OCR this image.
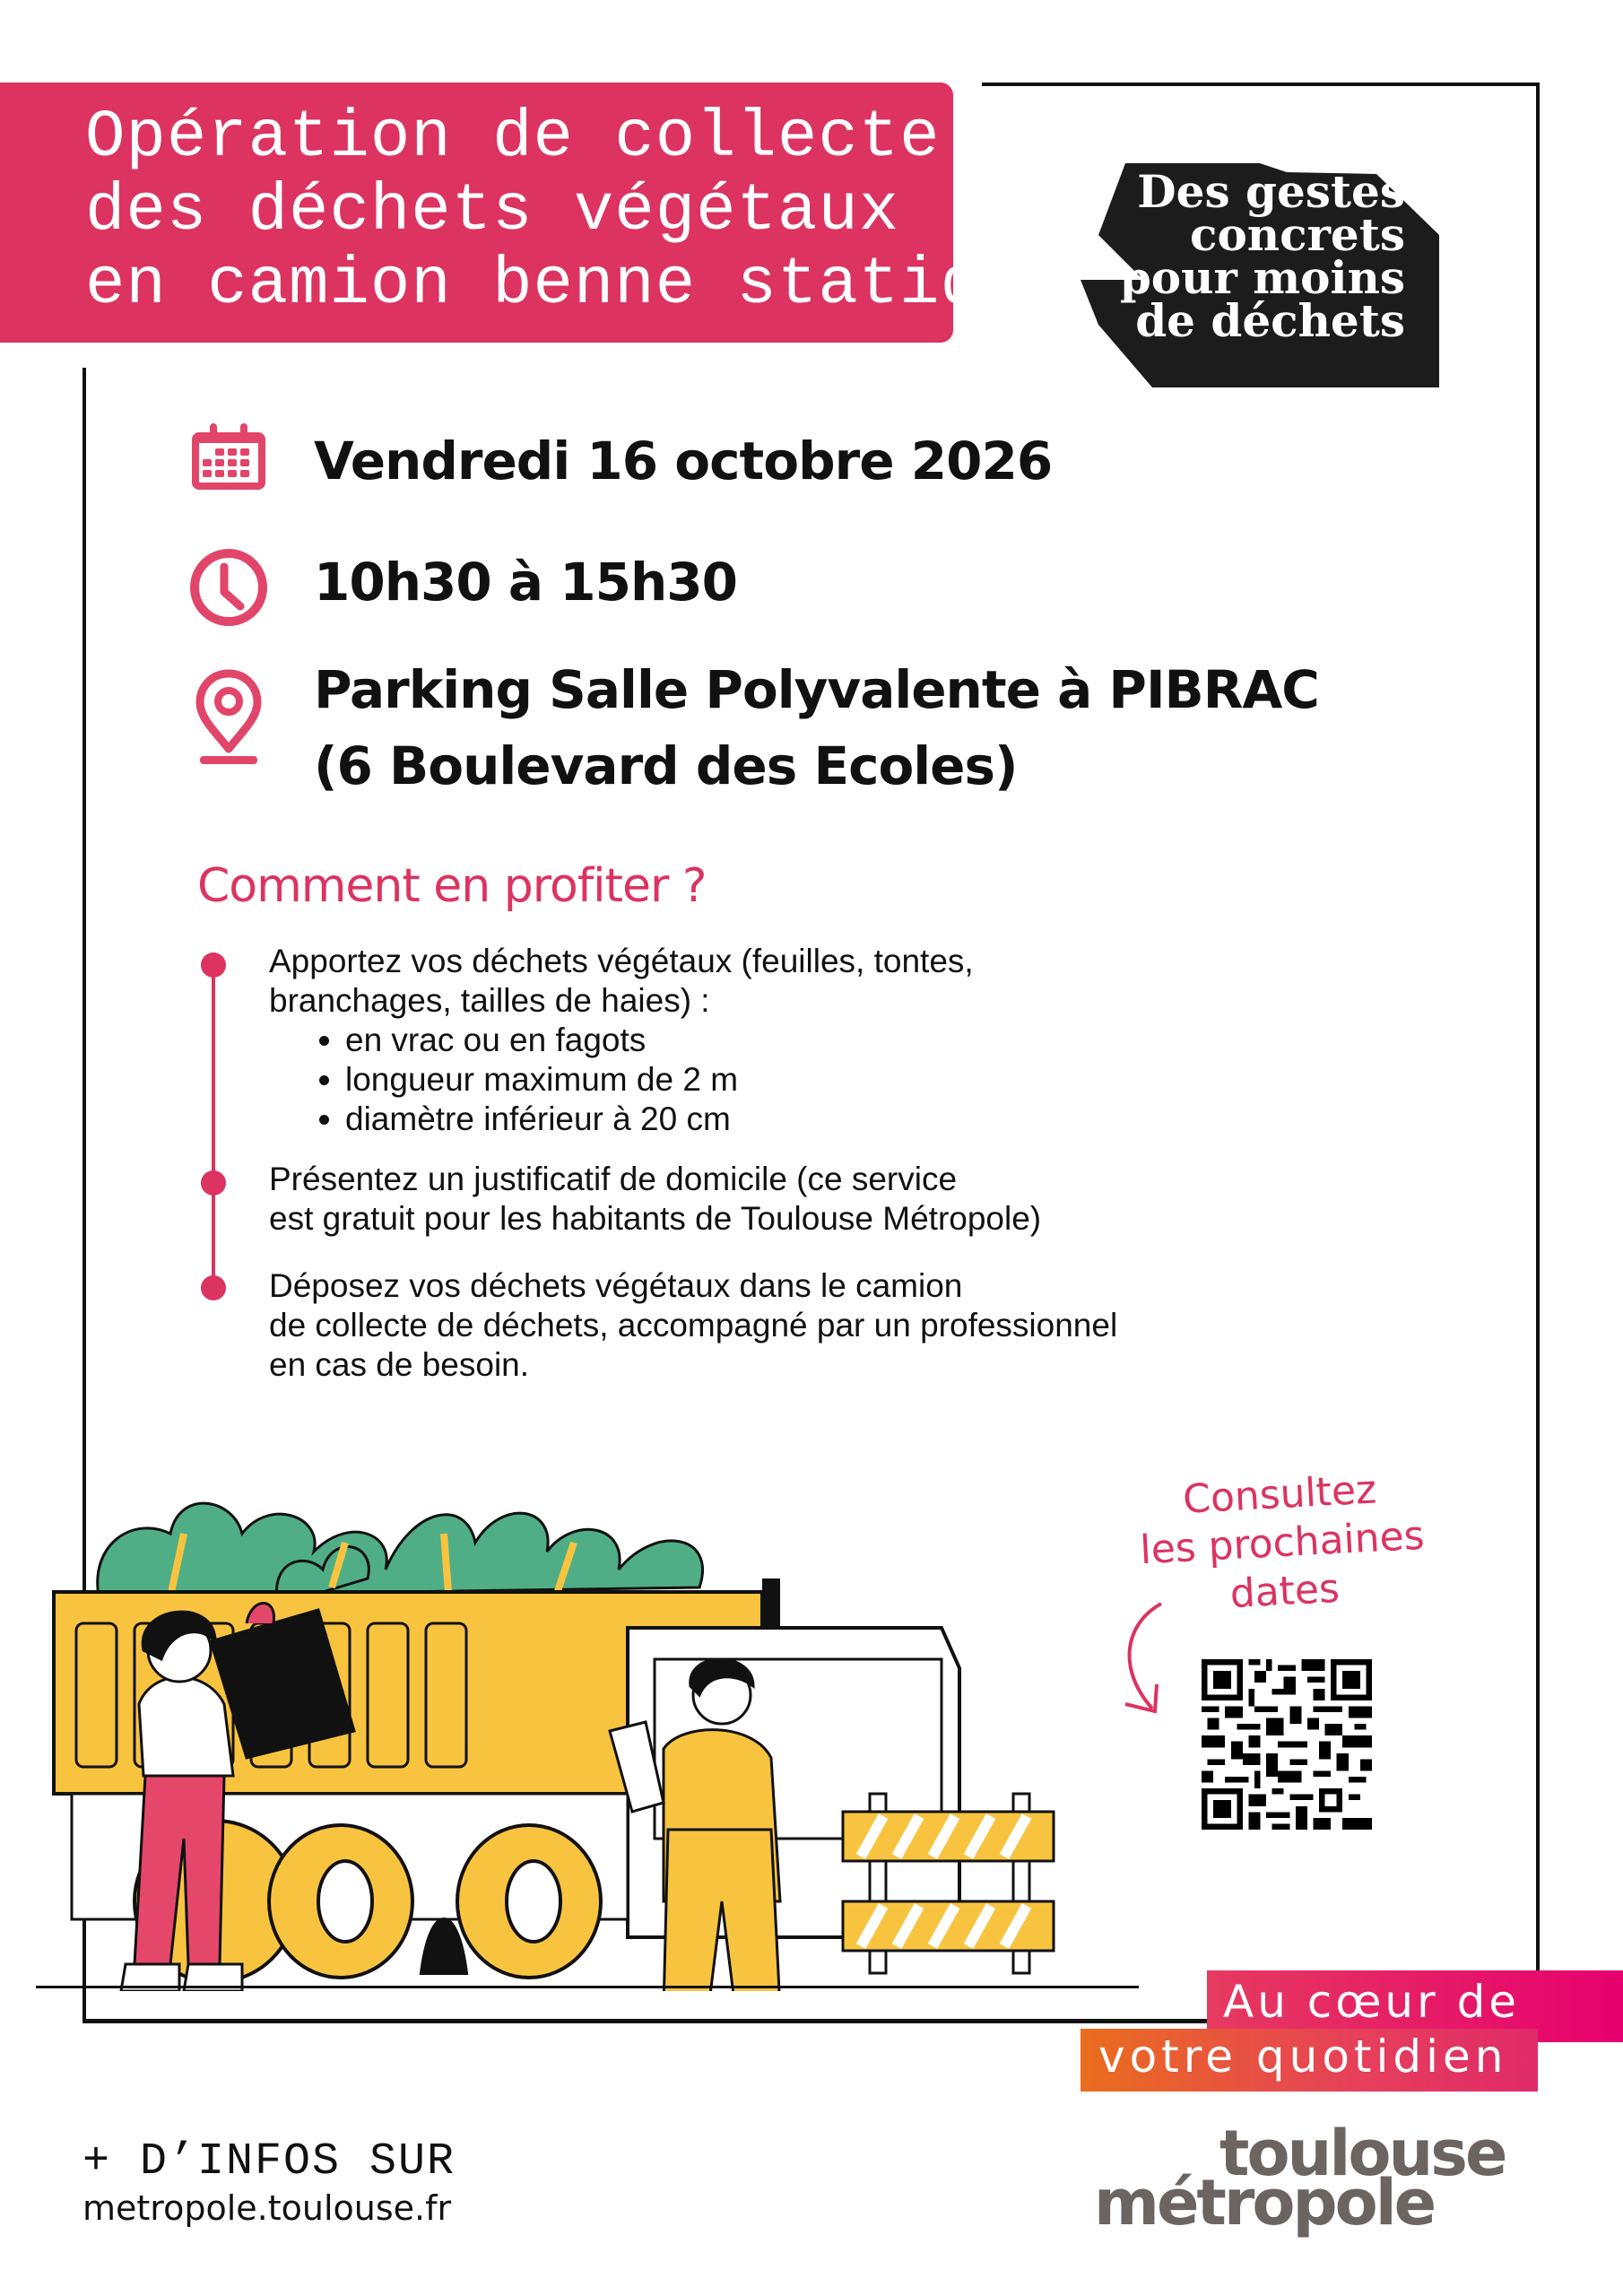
Opération de collecte
des déchets végétaux
en camion benne statique
Des gestes
concrets
pour moins
de déchets
Vendredi 16 octobre 2026
10h30 à 15h30
Parking Salle Polyvalente à PIBRAC
(6 Boulevard des Ecoles)
Comment en profiter ?
Apportez vos déchets végétaux (feuilles, tontes,
branchages, tailles de haies) :
• en vrac ou en fagots
• longueur maximum de 2 m
• diamètre inférieur à 20 cm
Présentez un justificatif de domicile (ce service
est gratuit pour les habitants de Toulouse Métropole)
Déposez vos déchets végétaux dans le camion
de collecte de déchets, accompagné par un professionnel
en cas de besoin.
Consultez
les prochaines
dates
Au cœur de
votre quotidien
toulouse
métropole
+ D’INFOS SUR
metropole.toulouse.fr
